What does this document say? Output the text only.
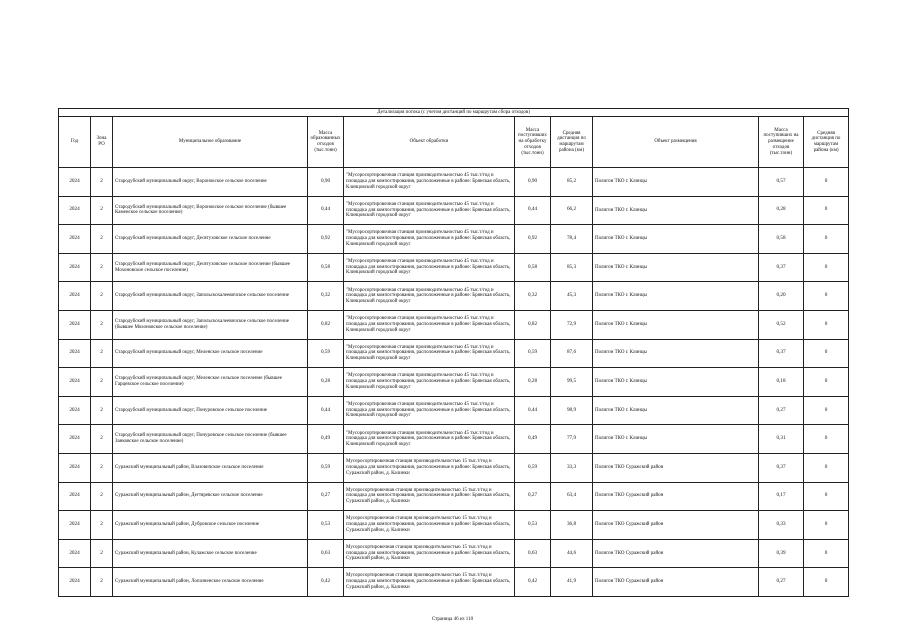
Детализация потока (с учетом дистанций по маршрутам сбора отходов)									
Год	Зона РО	Муниципальное образование	Масса образованных отходов (тыс.тонн)	Объект обработки	Масса поступивших на обработку отходов (тыс.тонн)	Средняя дистанция по маршрутам района (км)	Объект размещения	Масса поступивших на размещение отходов (тыс.тонн)	Средняя дистанция по маршрутам района (км)
2024	2	Стародубский муниципальный округ, Воронокское сельское поселение	0,90	"Мусоросортировочная станция производительностью 45 тыс.т/год и площадка для компостирования, расположенные в районе: Брянская область, Клинцовский городской округ	0,90	85,2	Полигон ТКО г. Клинцы	0,57	0
2024	2	Стародубский муниципальный округ, Воронокское сельское поселение (бывшее Каменское сельское поселение)	0,44	"Мусоросортировочная станция производительностью 45 тыс.т/год и площадка для компостирования, расположенные в районе: Брянская область, Клинцовский городской округ	0,44	66,2	Полигон ТКО г. Клинцы	0,28	0
2024	2	Стародубский муниципальный округ, Десятуховское сельское поселение	0,92	"Мусоросортировочная станция производительностью 45 тыс.т/год и площадка для компостирования, расположенные в районе: Брянская область, Клинцовский городской округ	0,92	78,4	Полигон ТКО г. Клинцы	0,58	0
2024	2	Стародубский муниципальный округ, Десятуховское сельское поселение (бывшее Мохоновское сельское поселение)	0,58	"Мусоросортировочная станция производительностью 45 тыс.т/год и площадка для компостирования, расположенные в районе: Брянская область, Клинцовский городской округ	0,58	85,3	Полигон ТКО г. Клинцы	0,37	0
2024	2	Стародубский муниципальный округ, Запольскохалеевичское сельское поселение	0,32	"Мусоросортировочная станция производительностью 45 тыс.т/год и площадка для компостирования, расположенные в районе: Брянская область, Клинцовский городской округ	0,32	45,3	Полигон ТКО г. Клинцы	0,20	0
2024	2	Стародубский муниципальный округ, Запольскохалеевичское сельское поселение (бывшее Мохоновское сельское поселение)	0,82	"Мусоросортировочная станция производительностью 45 тыс.т/год и площадка для компостирования, расположенные в районе: Брянская область, Клинцовский городской округ	0,82	72,9	Полигон ТКО г. Клинцы	0,52	0
2024	2	Стародубский муниципальный округ, Меленское сельское поселение	0,59	"Мусоросортировочная станция производительностью 45 тыс.т/год и площадка для компостирования, расположенные в районе: Брянская область, Клинцовский городской округ	0,59	87,6	Полигон ТКО г. Клинцы	0,37	0
2024	2	Стародубский муниципальный округ, Меленское сельское поселение (бывшее Гарцевское сельское поселение)	0,28	"Мусоросортировочная станция производительностью 45 тыс.т/год и площадка для компостирования, расположенные в районе: Брянская область, Клинцовский городской округ	0,28	99,5	Полигон ТКО г. Клинцы	0,18	0
2024	2	Стародубский муниципальный округ, Понуровское сельское поселение	0,44	"Мусоросортировочная станция производительностью 45 тыс.т/год и площадка для компостирования, расположенные в районе: Брянская область, Клинцовский городской округ	0,44	98,9	Полигон ТКО г. Клинцы	0,27	0
2024	2	Стародубский муниципальный округ, Понуровское сельское поселение (бывшее Занковское сельское поселение)	0,49	"Мусоросортировочная станция производительностью 45 тыс.т/год и площадка для компостирования, расположенные в районе: Брянская область, Клинцовский городской округ	0,49	77,9	Полигон ТКО г. Клинцы	0,31	0
2024	2	Суражский муниципальный район, Влазовичское сельское поселение	0,59	Мусоросортировочная станция производительностью 15 тыс.т/год и площадка для компостирования, расположенные в районе: Брянская область, Суражский район, д. Калинки	0,59	33,3	Полигон ТКО Суражский район	0,37	0
2024	2	Суражский муниципальный район, Дегтяревское сельское поселение	0,27	Мусоросортировочная станция производительностью 15 тыс.т/год и площадка для компостирования, расположенные в районе: Брянская область, Суражский район, д. Калинки	0,27	63,4	Полигон ТКО Суражский район	0,17	0
2024	2	Суражский муниципальный район, Дубровское сельское поселение	0,53	Мусоросортировочная станция производительностью 15 тыс.т/год и площадка для компостирования, расположенные в районе: Брянская область, Суражский район, д. Калинки	0,53	36,8	Полигон ТКО Суражский район	0,33	0
2024	2	Суражский муниципальный район, Кулажское сельское поселение	0,63	Мусоросортировочная станция производительностью 15 тыс.т/год и площадка для компостирования, расположенные в районе: Брянская область, Суражский район, д. Калинки	0,63	44,6	Полигон ТКО Суражский район	0,39	0
2024	2	Суражский муниципальный район, Лопазненское сельское поселение	0,42	Мусоросортировочная станция производительностью 15 тыс.т/год и площадка для компостирования, расположенные в районе: Брянская область, Суражский район, д. Калинки	0,42	41,9	Полигон ТКО Суражский район	0,27	0
Страница 46 из 110
